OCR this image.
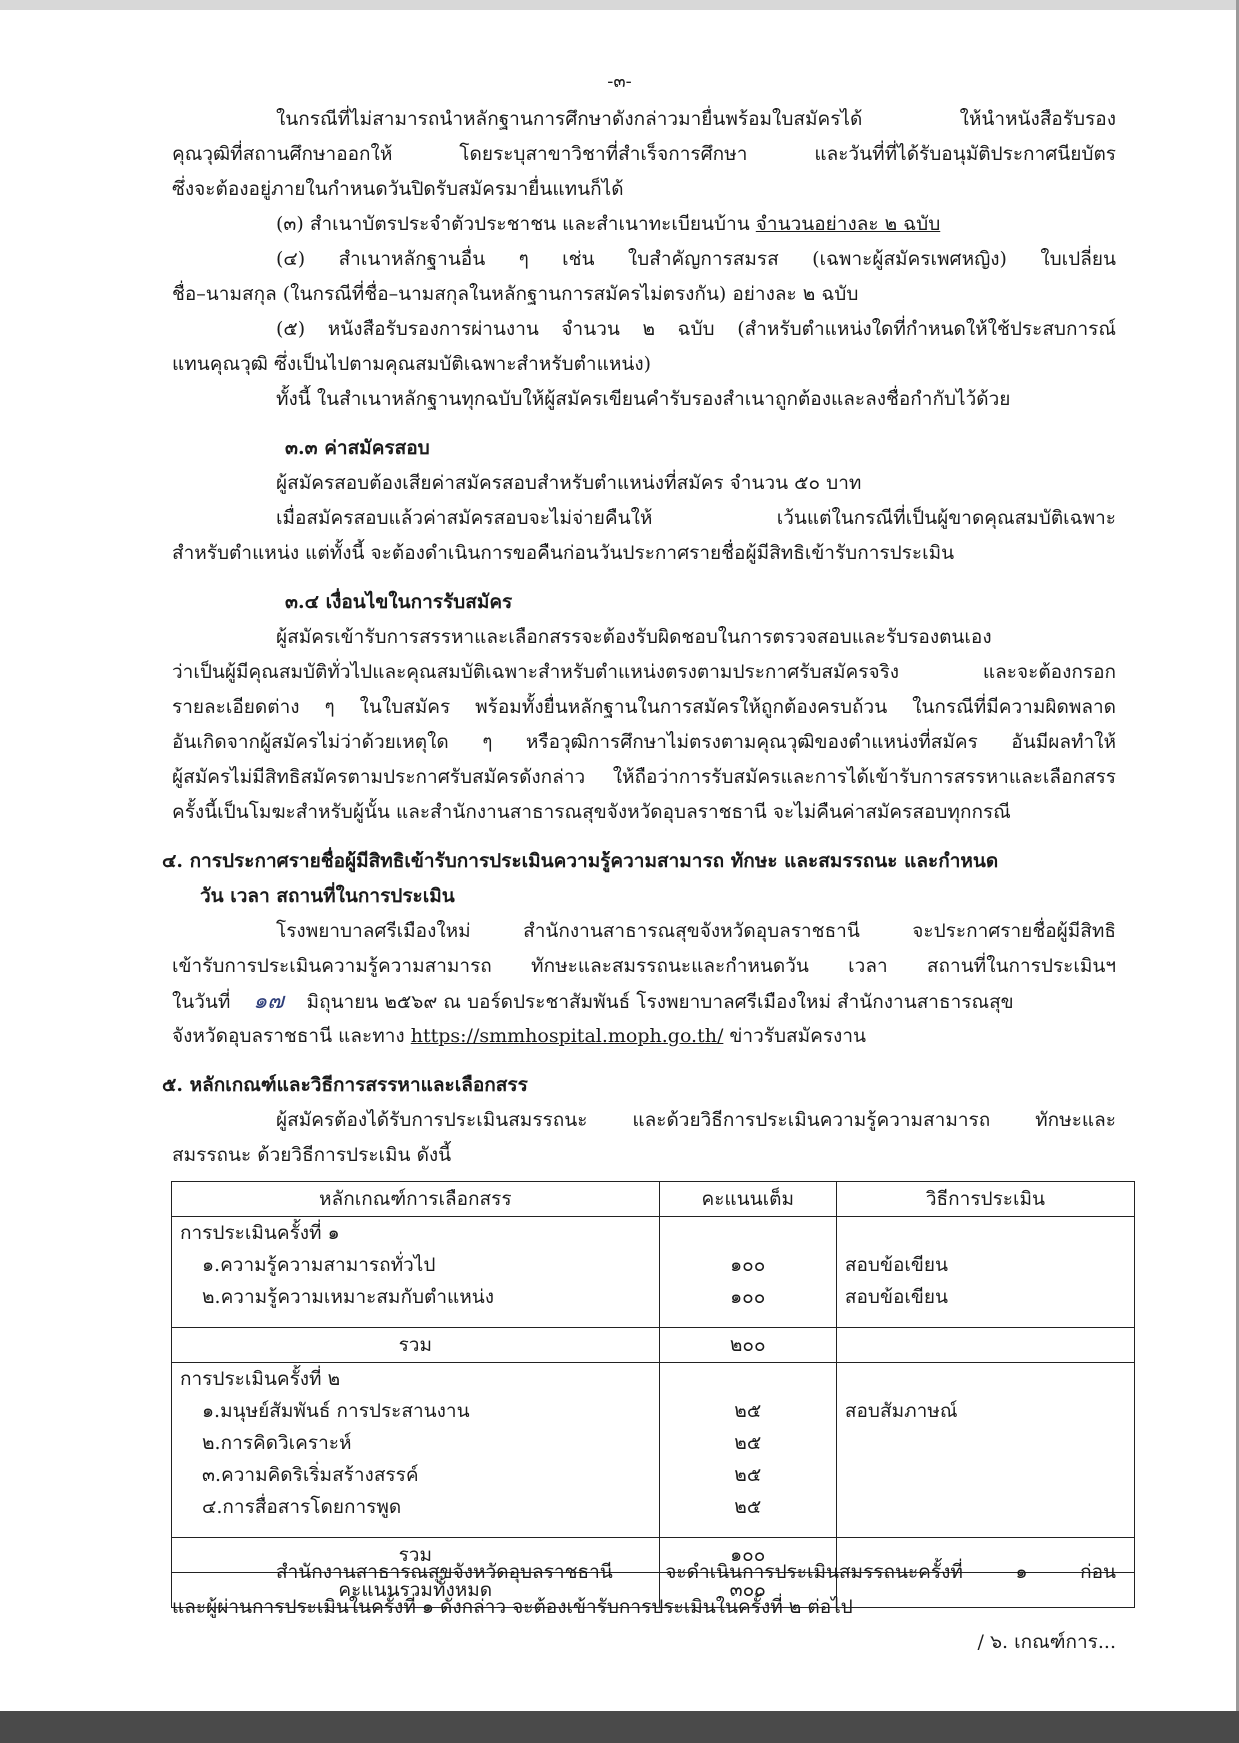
-๓-
ในกรณีที่ไม่สามารถนำหลักฐานการศึกษาดังกล่าวมายื่นพร้อมใบสมัครได้ ให้นำหนังสือรับรอง
คุณวุฒิที่สถานศึกษาออกให้ โดยระบุสาขาวิชาที่สำเร็จการศึกษา และวันที่ที่ได้รับอนุมัติประกาศนียบัตร
ซึ่งจะต้องอยู่ภายในกำหนดวันปิดรับสมัครมายื่นแทนก็ได้
(๓) สำเนาบัตรประจำตัวประชาชน และสำเนาทะเบียนบ้าน จำนวนอย่างละ ๒ ฉบับ
(๔) สำเนาหลักฐานอื่น ๆ เช่น ใบสำคัญการสมรส (เฉพาะผู้สมัครเพศหญิง) ใบเปลี่ยน
ชื่อ–นามสกุล (ในกรณีที่ชื่อ–นามสกุลในหลักฐานการสมัครไม่ตรงกัน) อย่างละ ๒ ฉบับ
(๕) หนังสือรับรองการผ่านงาน จำนวน ๒ ฉบับ (สำหรับตำแหน่งใดที่กำหนดให้ใช้ประสบการณ์
แทนคุณวุฒิ ซึ่งเป็นไปตามคุณสมบัติเฉพาะสำหรับตำแหน่ง)
ทั้งนี้ ในสำเนาหลักฐานทุกฉบับให้ผู้สมัครเขียนคำรับรองสำเนาถูกต้องและลงชื่อกำกับไว้ด้วย
๓.๓ ค่าสมัครสอบ
ผู้สมัครสอบต้องเสียค่าสมัครสอบสำหรับตำแหน่งที่สมัคร จำนวน ๕๐ บาท
เมื่อสมัครสอบแล้วค่าสมัครสอบจะไม่จ่ายคืนให้ เว้นแต่ในกรณีที่เป็นผู้ขาดคุณสมบัติเฉพาะ
สำหรับตำแหน่ง แต่ทั้งนี้ จะต้องดำเนินการขอคืนก่อนวันประกาศรายชื่อผู้มีสิทธิเข้ารับการประเมิน
๓.๔ เงื่อนไขในการรับสมัคร
ผู้สมัครเข้ารับการสรรหาและเลือกสรรจะต้องรับผิดชอบในการตรวจสอบและรับรองตนเอง
ว่าเป็นผู้มีคุณสมบัติทั่วไปและคุณสมบัติเฉพาะสำหรับตำแหน่งตรงตามประกาศรับสมัครจริง และจะต้องกรอก
รายละเอียดต่าง ๆ ในใบสมัคร พร้อมทั้งยื่นหลักฐานในการสมัครให้ถูกต้องครบถ้วน ในกรณีที่มีความผิดพลาด
อันเกิดจากผู้สมัครไม่ว่าด้วยเหตุใด ๆ หรือวุฒิการศึกษาไม่ตรงตามคุณวุฒิของตำแหน่งที่สมัคร อันมีผลทำให้
ผู้สมัครไม่มีสิทธิสมัครตามประกาศรับสมัครดังกล่าว ให้ถือว่าการรับสมัครและการได้เข้ารับการสรรหาและเลือกสรร
ครั้งนี้เป็นโมฆะสำหรับผู้นั้น และสำนักงานสาธารณสุขจังหวัดอุบลราชธานี จะไม่คืนค่าสมัครสอบทุกกรณี
๔. การประกาศรายชื่อผู้มีสิทธิเข้ารับการประเมินความรู้ความสามารถ ทักษะ และสมรรถนะ และกำหนด
วัน เวลา สถานที่ในการประเมิน
โรงพยาบาลศรีเมืองใหม่ สำนักงานสาธารณสุขจังหวัดอุบลราชธานี จะประกาศรายชื่อผู้มีสิทธิ
เข้ารับการประเมินความรู้ความสามารถ ทักษะและสมรรถนะและกำหนดวัน เวลา สถานที่ในการประเมินฯ
ในวันที่ ๑๗ มิถุนายน ๒๕๖๙ ณ บอร์ดประชาสัมพันธ์ โรงพยาบาลศรีเมืองใหม่ สำนักงานสาธารณสุข
จังหวัดอุบลราชธานี และทาง https://smmhospital.moph.go.th/ ข่าวรับสมัครงาน
๕. หลักเกณฑ์และวิธีการสรรหาและเลือกสรร
ผู้สมัครต้องได้รับการประเมินสมรรถนะ และด้วยวิธีการประเมินความรู้ความสามารถ ทักษะและ
สมรรถนะ ด้วยวิธีการประเมิน ดังนี้
หลักเกณฑ์การเลือกสรร	คะแนนเต็ม	วิธีการประเมิน
การประเมินครั้งที่ ๑		
๑.ความรู้ความสามารถทั่วไป	๑๐๐	สอบข้อเขียน
๒.ความรู้ความเหมาะสมกับตำแหน่ง	๑๐๐	สอบข้อเขียน

รวม	๒๐๐	
การประเมินครั้งที่ ๒		
๑.มนุษย์สัมพันธ์ การประสานงาน	๒๕	สอบสัมภาษณ์
๒.การคิดวิเคราะห์	๒๕	
๓.ความคิดริเริ่มสร้างสรรค์	๒๕	
๔.การสื่อสารโดยการพูด	๒๕	

รวม	๑๐๐	
คะแนนรวมทั้งหมด	๓๐๐	
สำนักงานสาธารณสุขจังหวัดอุบลราชธานี จะดำเนินการประเมินสมรรถนะครั้งที่ ๑ ก่อน
และผู้ผ่านการประเมินในครั้งที่ ๑ ดังกล่าว จะต้องเข้ารับการประเมินในครั้งที่ ๒ ต่อไป
/ ๖. เกณฑ์การ...
